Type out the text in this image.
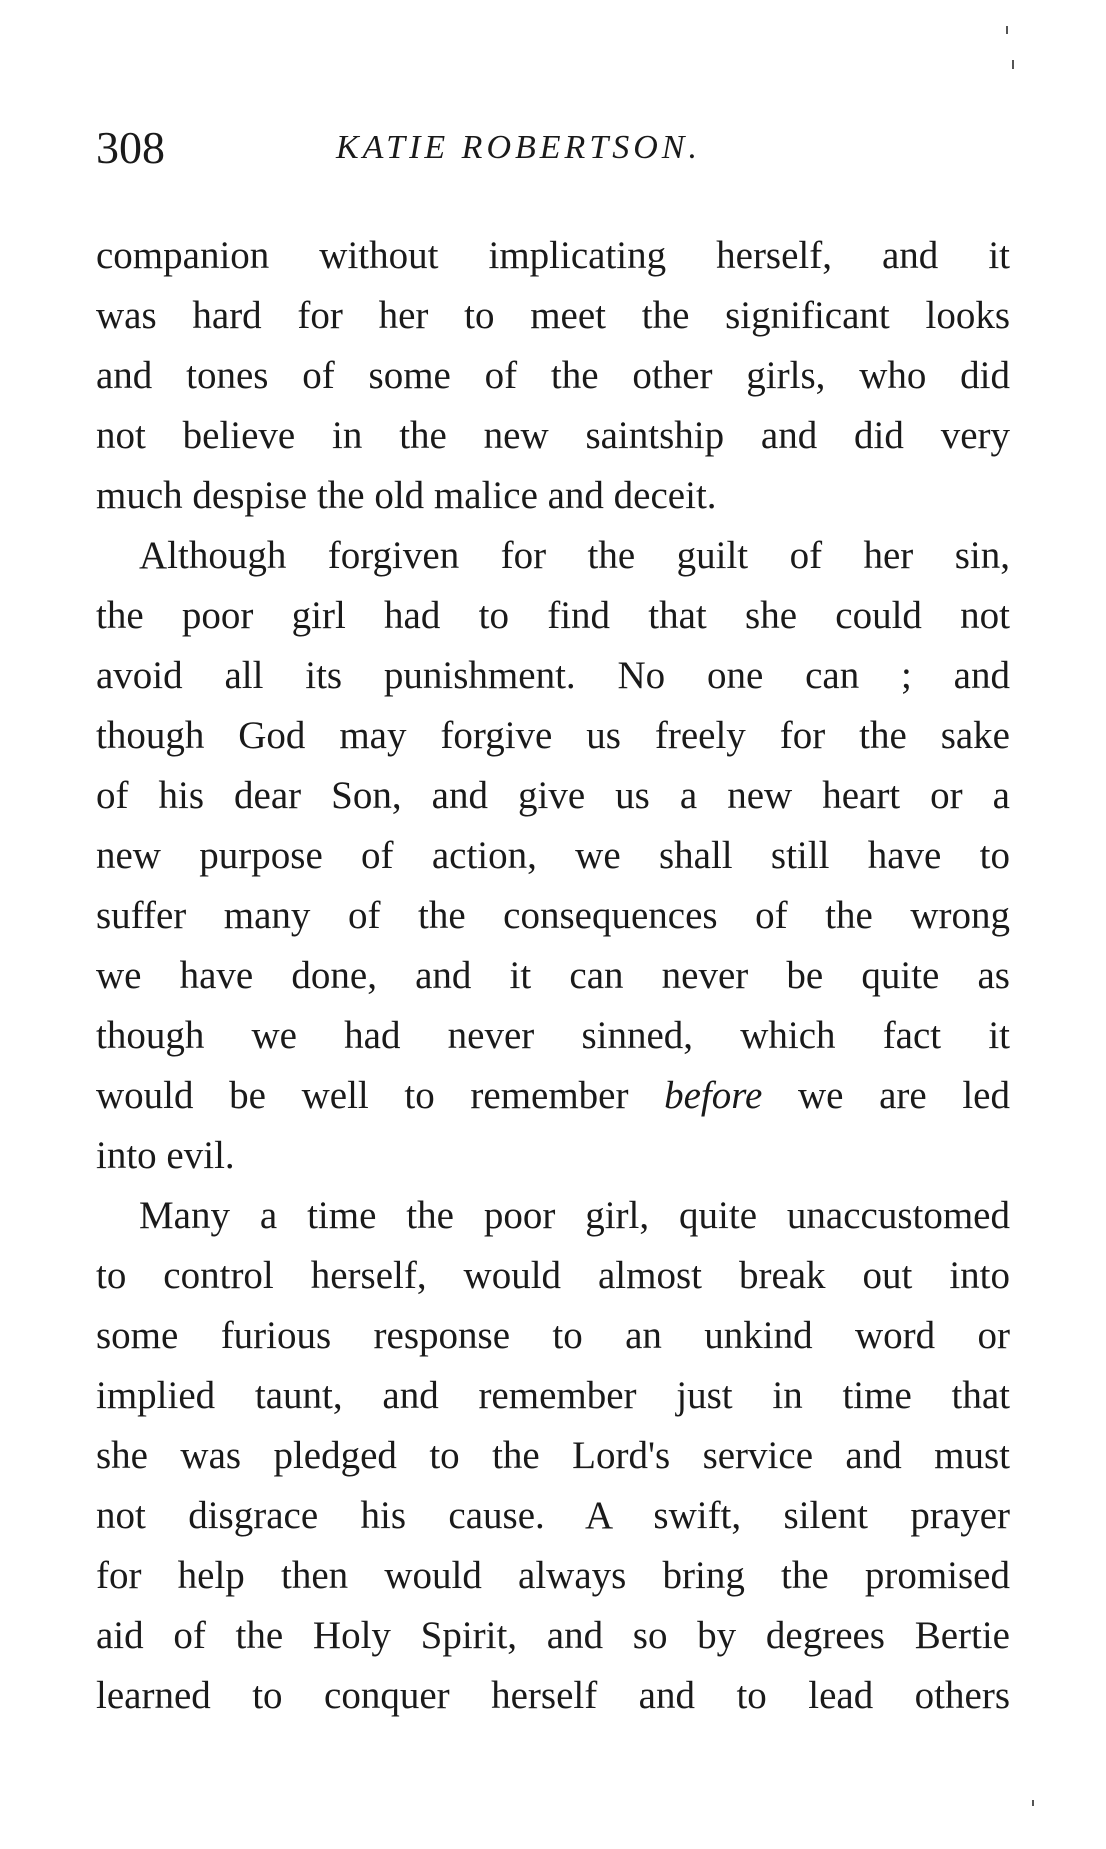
308	KATIE ROBERTSON.
companion without implicating herself, and it
was hard for her to meet the significant looks
and tones of some of the other girls, who did
not believe in the new saintship and did very
much despise the old malice and deceit.
Although forgiven for the guilt of her sin,
the poor girl had to find that she could not
avoid all its punishment. No one can ; and
though God may forgive us freely for the sake
of his dear Son, and give us a new heart or a
new purpose of action, we shall still have to
suffer many of the consequences of the wrong
we have done, and it can never be quite as
though we had never sinned, which fact it
would be well to remember before we are led
into evil.
Many a time the poor girl, quite unaccustomed
to control herself, would almost break out into
some furious response to an unkind word or
implied taunt, and remember just in time that
she was pledged to the Lord's service and must
not disgrace his cause. A swift, silent prayer
for help then would always bring the promised
aid of the Holy Spirit, and so by degrees Bertie
learned to conquer herself and to lead others
